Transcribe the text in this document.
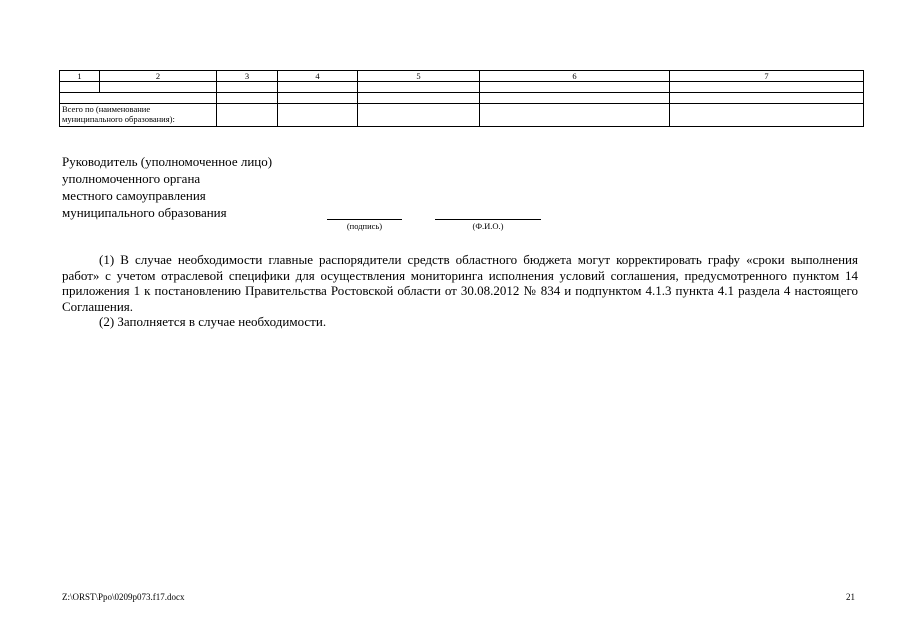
1	2	3	4	5	6	7

Всего по (наименование
муниципального образования):						

Руководитель (уполномоченное лицо)
уполномоченного органа
местного самоуправления
муниципального образования
(подпись)	(Ф.И.О.)

(1) В случае необходимости главные распорядители средств областного бюджета могут корректировать графу «сроки выполнения работ» с учетом отраслевой специфики для осуществления мониторинга исполнения условий соглашения, предусмотренного пунктом 14 приложения 1 к постановлению Правительства Ростовской области от 30.08.2012 № 834 и подпунктом 4.1.3 пункта 4.1 раздела 4 настоящего Соглашения.

(2) Заполняется в случае необходимости.

Z:\ORST\Ppo\0209p073.f17.docx	21
